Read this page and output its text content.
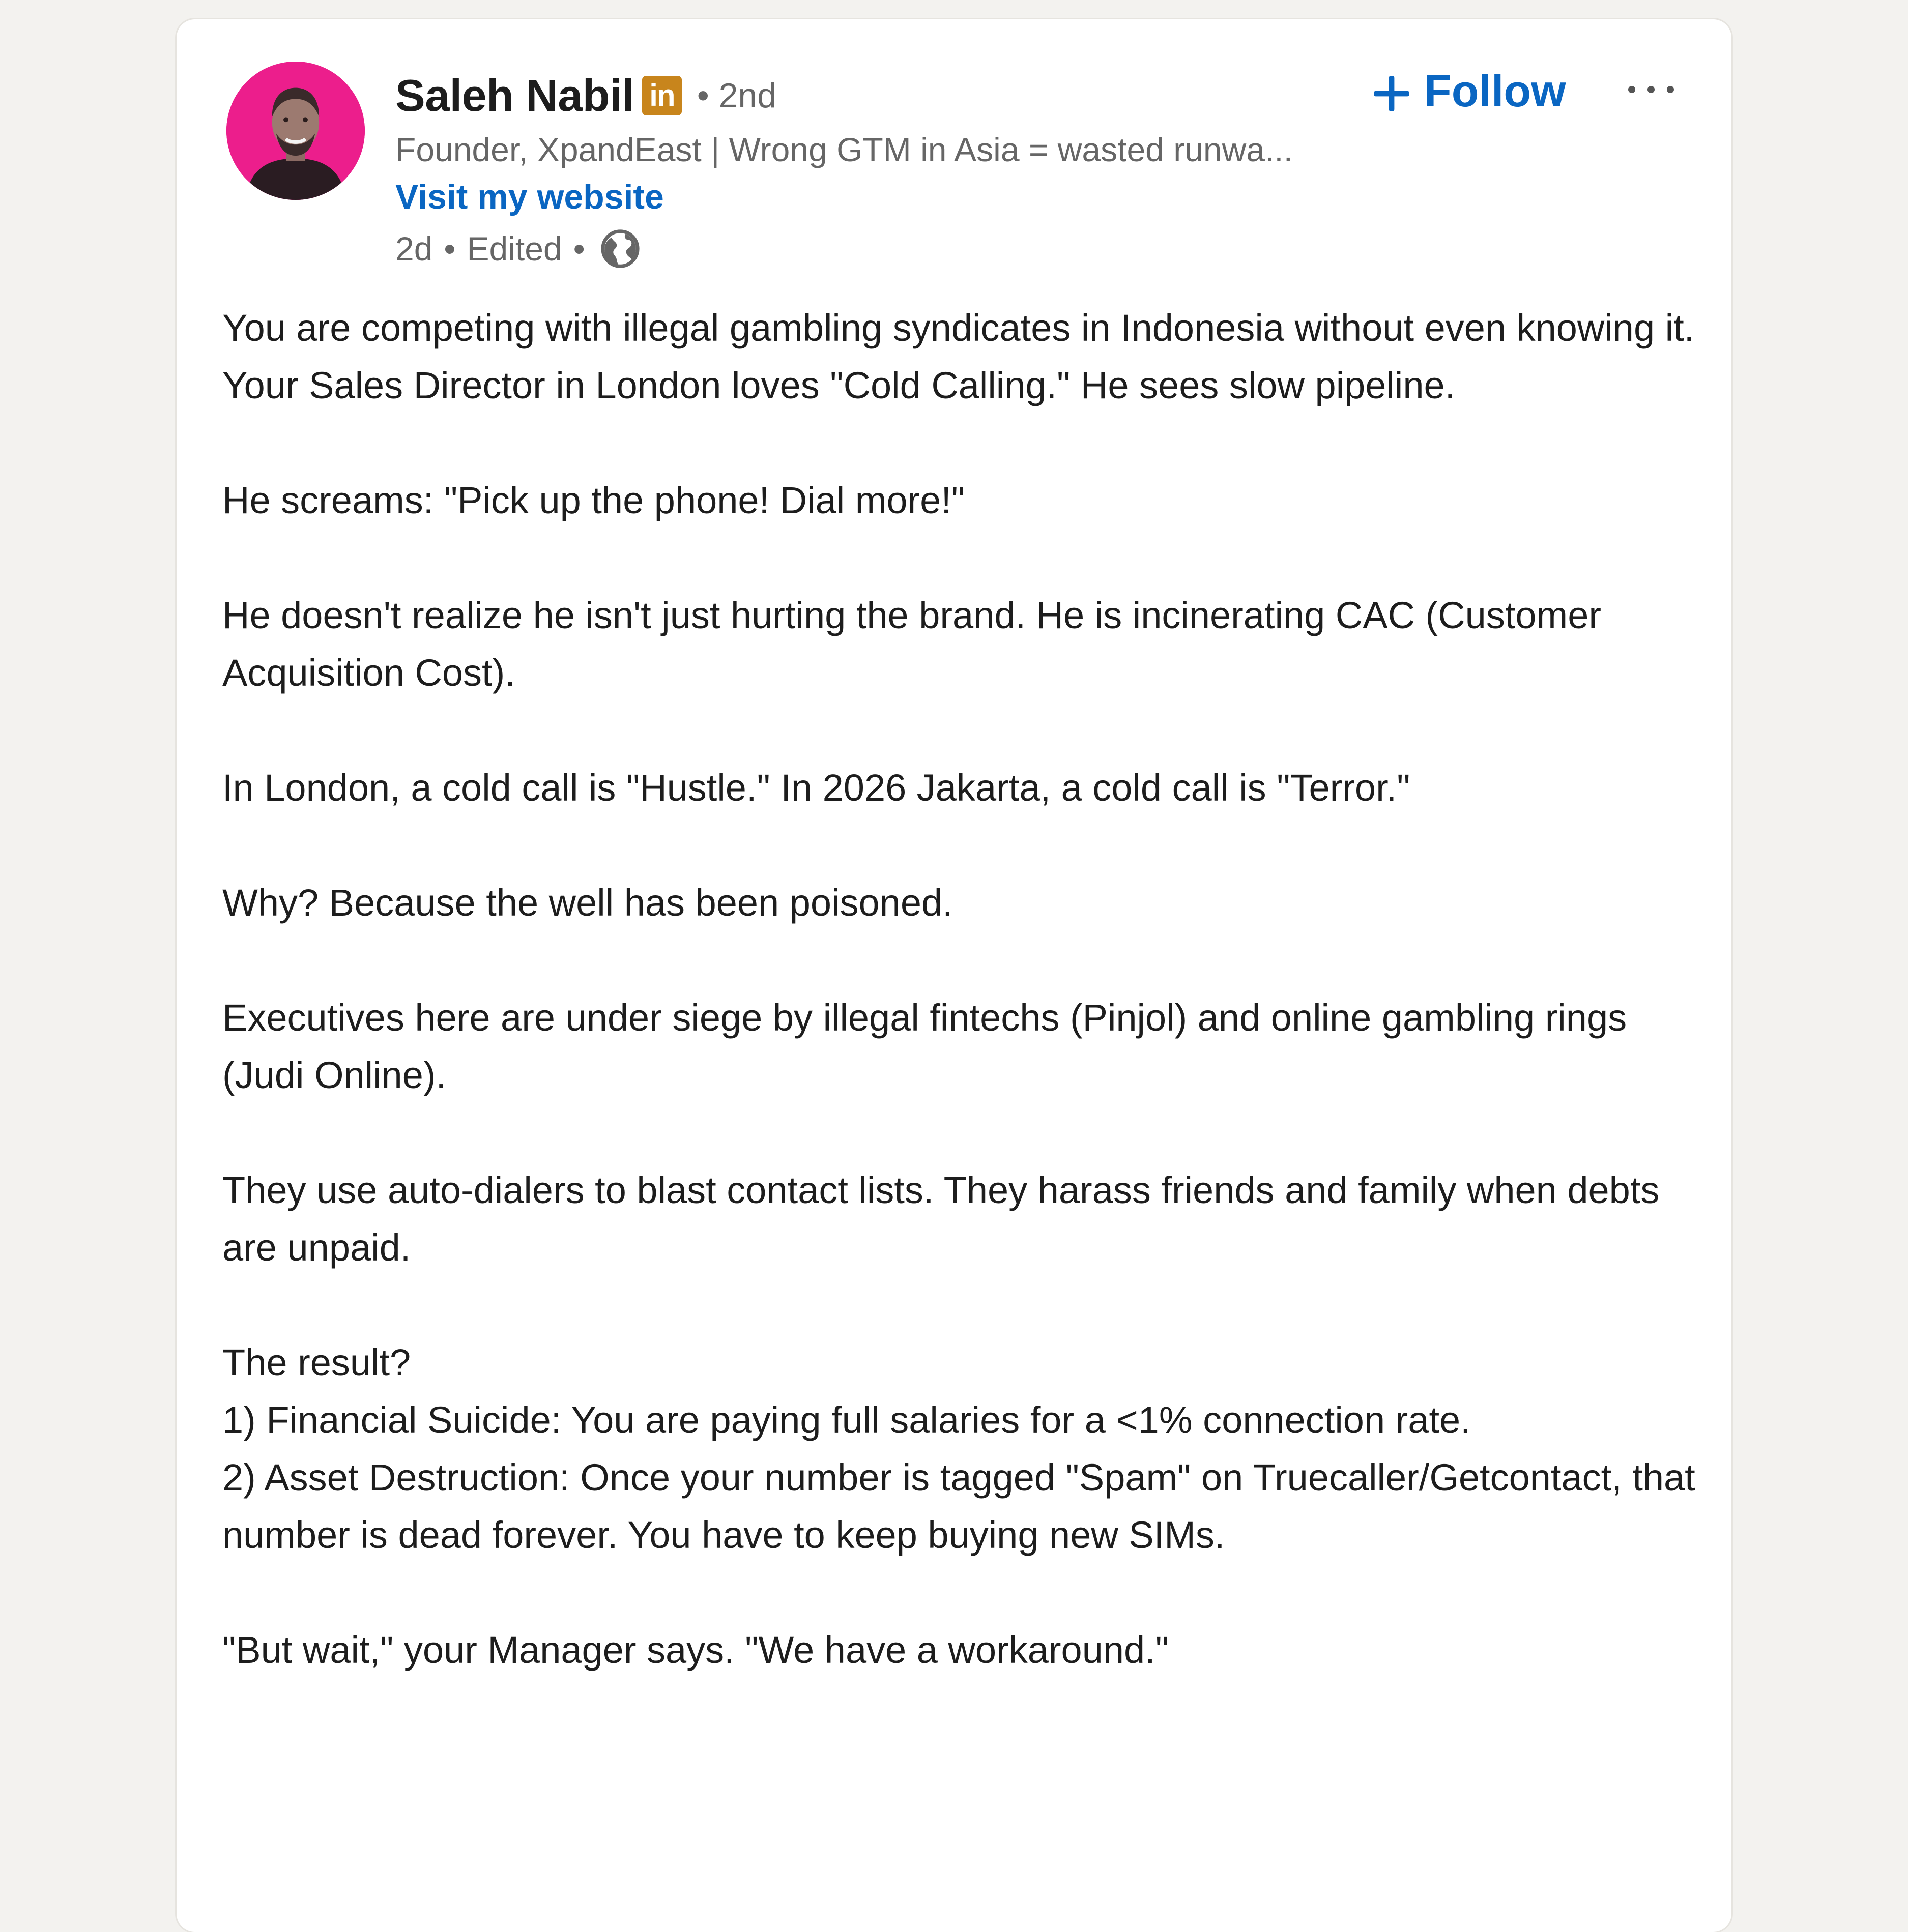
Saleh Nabil in • 2nd
Founder, XpandEast | Wrong GTM in Asia = wasted runwa...
Visit my website
2d • Edited •
Follow

You are competing with illegal gambling syndicates in Indonesia without even knowing it. Your Sales Director in London loves "Cold Calling." He sees slow pipeline.

He screams: "Pick up the phone! Dial more!"

He doesn't realize he isn't just hurting the brand. He is incinerating CAC (Customer Acquisition Cost).

In London, a cold call is "Hustle." In 2026 Jakarta, a cold call is "Terror."

Why? Because the well has been poisoned.

Executives here are under siege by illegal fintechs (Pinjol) and online gambling rings (Judi Online).

They use auto-dialers to blast contact lists. They harass friends and family when debts are unpaid.

The result?

1) Financial Suicide: You are paying full salaries for a <1% connection rate.

2) Asset Destruction: Once your number is tagged "Spam" on Truecaller/Getcontact, that number is dead forever. You have to keep buying new SIMs.

"But wait," your Manager says. "We have a workaround."
